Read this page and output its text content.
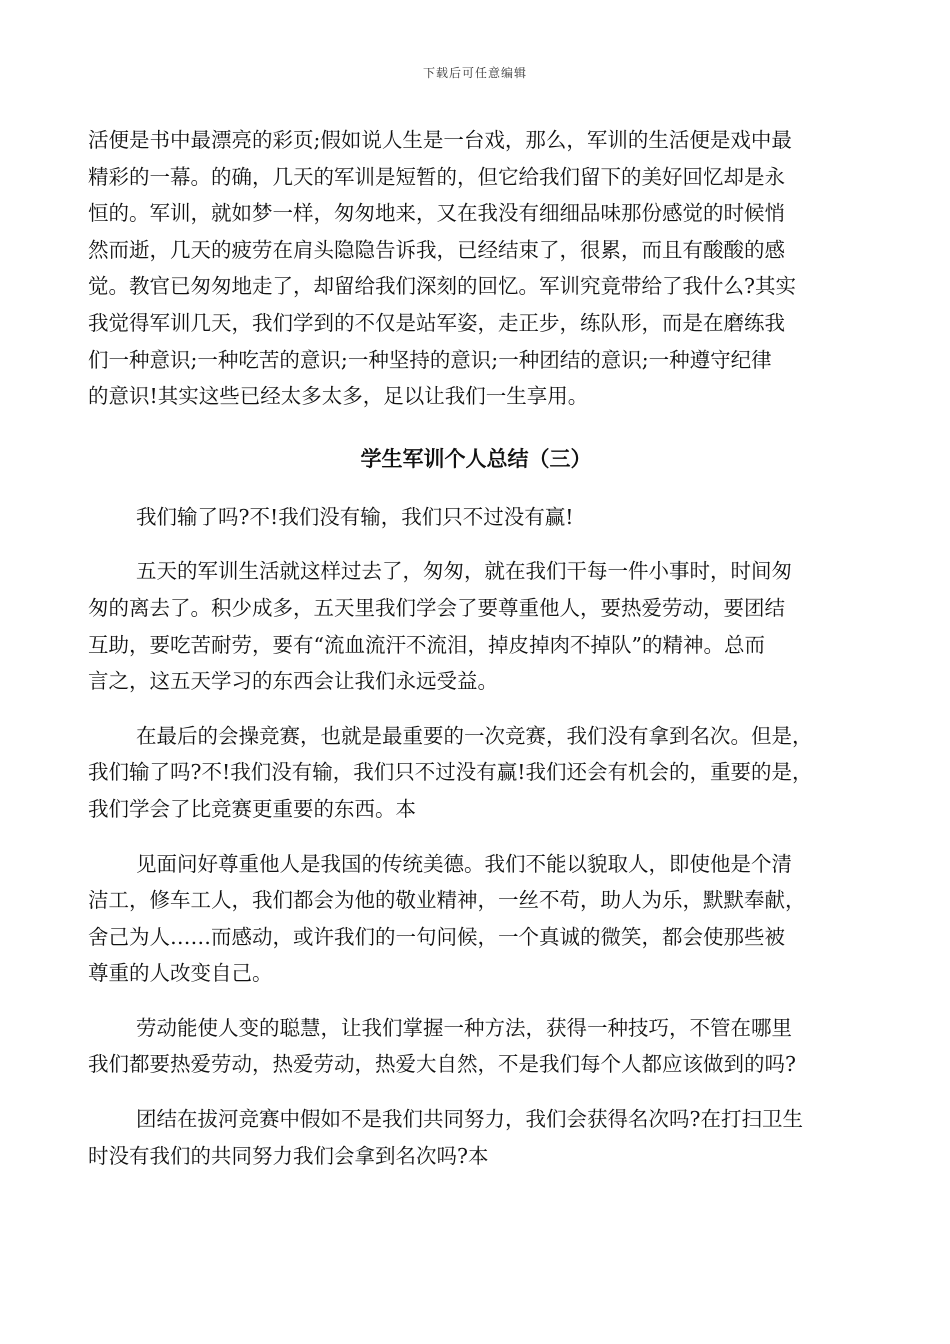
下载后可任意编辑
活便是书中最漂亮的彩页;假如说人生是一台戏，那么，军训的生活便是戏中最
精彩的一幕。的确，几天的军训是短暂的，但它给我们留下的美好回忆却是永
恒的。军训，就如梦一样，匆匆地来，又在我没有细细品味那份感觉的时候悄
然而逝，几天的疲劳在肩头隐隐告诉我，已经结束了，很累，而且有酸酸的感
觉。教官已匆匆地走了，却留给我们深刻的回忆。军训究竟带给了我什么?其实
我觉得军训几天，我们学到的不仅是站军姿，走正步，练队形，而是在磨练我
们一种意识;一种吃苦的意识;一种坚持的意识;一种团结的意识;一种遵守纪律
的意识!其实这些已经太多太多，足以让我们一生享用。
学生军训个人总结（三）
我们输了吗?不!我们没有输，我们只不过没有赢!
五天的军训生活就这样过去了，匆匆，就在我们干每一件小事时，时间匆
匆的离去了。积少成多，五天里我们学会了要尊重他人，要热爱劳动，要团结
互助，要吃苦耐劳，要有“流血流汗不流泪，掉皮掉肉不掉队”的精神。总而
言之，这五天学习的东西会让我们永远受益。
在最后的会操竞赛，也就是最重要的一次竞赛，我们没有拿到名次。但是，
我们输了吗?不!我们没有输，我们只不过没有赢!我们还会有机会的，重要的是，
我们学会了比竞赛更重要的东西。本
见面问好尊重他人是我国的传统美德。我们不能以貌取人，即使他是个清
洁工，修车工人，我们都会为他的敬业精神，一丝不苟，助人为乐，默默奉献，
舍己为人……而感动，或许我们的一句问候，一个真诚的微笑，都会使那些被
尊重的人改变自己。
劳动能使人变的聪慧，让我们掌握一种方法，获得一种技巧，不管在哪里
我们都要热爱劳动，热爱劳动，热爱大自然，不是我们每个人都应该做到的吗?
团结在拔河竞赛中假如不是我们共同努力，我们会获得名次吗?在打扫卫生
时没有我们的共同努力我们会拿到名次吗?本
